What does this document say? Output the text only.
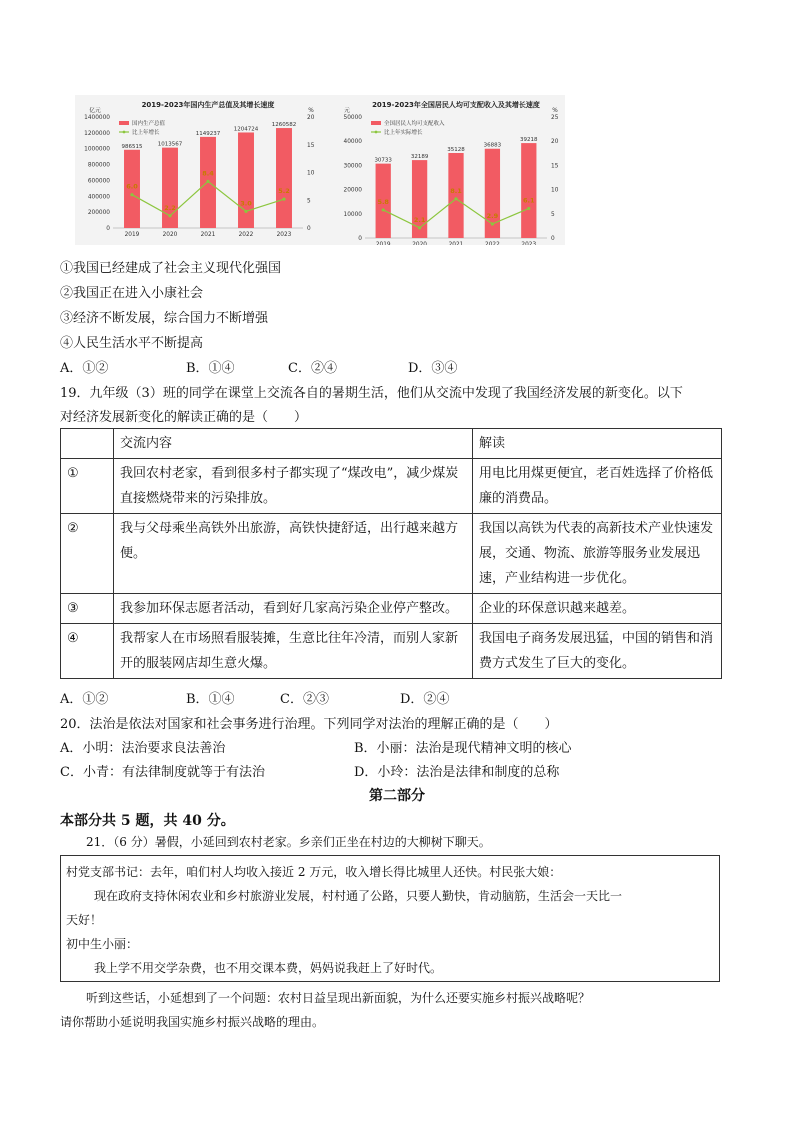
2019-2023年国内生产总值及其增长速度
亿元	%
0
200000
400000
600000
800000
1000000
1200000
1400000
0
5
10
15
20
986515
2019
1013567
2020
1149237
2021
1204724
2022
1260582
2023
6.0
2.2
8.4
3.0
5.2
国内生产总值
比上年增长
2019-2023年全国居民人均可支配收入及其增长速度
元	%
0
10000
20000
30000
40000
50000
0
5
10
15
20
25
30733
2019
32189
2020
35128
2021
36883
2022
39218
2023
5.8
2.1
8.1
2.9
6.1
全国居民人均可支配收入
比上年实际增长
①我国已经建成了社会主义现代化强国
②我国正在进入小康社会
③经济不断发展，综合国力不断增强
④人民生活水平不断提高
A．①②	B．①④	C．②④	D．③④
19．九年级（3）班的同学在课堂上交流各自的暑期生活，他们从交流中发现了我国经济发展的新变化。以下
对经济发展新变化的解读正确的是（　　）
	交流内容	解读
①	我回农村老家，看到很多村子都实现了“煤改电”，减少煤炭直接燃烧带来的污染排放。	用电比用煤更便宜，老百姓选择了价格低廉的消费品。
②	我与父母乘坐高铁外出旅游，高铁快捷舒适，出行越来越方便。	我国以高铁为代表的高新技术产业快速发展，交通、物流、旅游等服务业发展迅速，产业结构进一步优化。
③	我参加环保志愿者活动，看到好几家高污染企业停产整改。	企业的环保意识越来越差。
④	我帮家人在市场照看服装摊，生意比往年冷清，而别人家新开的服装网店却生意火爆。	我国电子商务发展迅猛，中国的销售和消费方式发生了巨大的变化。
A．①②	B．①④	C．②③	D．②④
20．法治是依法对国家和社会事务进行治理。下列同学对法治的理解正确的是（　　）
A．小明：法治要求良法善治	B．小丽：法治是现代精神文明的核心
C．小青：有法律制度就等于有法治	D．小玲：法治是法律和制度的总称
第二部分
本部分共 5 题，共 40 分。
21．（6 分）暑假，小延回到农村老家。乡亲们正坐在村边的大柳树下聊天。

村党支部书记：去年，咱们村人均收入接近 2 万元，收入增长得比城里人还快。村民张大娘：

现在政府支持休闲农业和乡村旅游业发展，村村通了公路，只要人勤快，肯动脑筋，生活会一天比一

天好！

初中生小丽：

我上学不用交学杂费，也不用交课本费，妈妈说我赶上了好时代。

听到这些话，小延想到了一个问题：农村日益呈现出新面貌，为什么还要实施乡村振兴战略呢？
请你帮助小延说明我国实施乡村振兴战略的理由。
